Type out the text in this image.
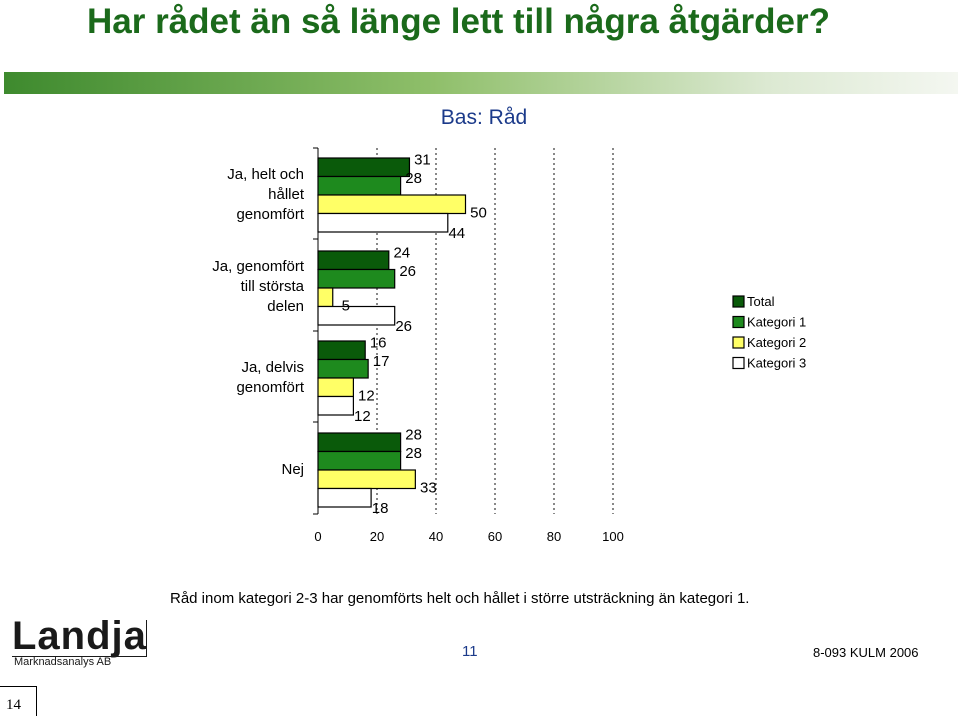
Har rådet än så länge lett till några åtgärder?
Bas: Råd
0	20	40	60	80	100
Ja, helt och
hållet
genomfört
Ja, genomfört
till största
delen
Ja, delvis
genomfört
Nej
31
24
16
28
28
26
17
28
50
5
12
33
44
26
12
18
Total
Kategori 1
Kategori 2
Kategori 3
Råd inom kategori 2-3 har genomförts helt och hållet i större utsträckning än kategori 1.
Landja
Marknadsanalys AB
11	8-093 KULM 2006
14
